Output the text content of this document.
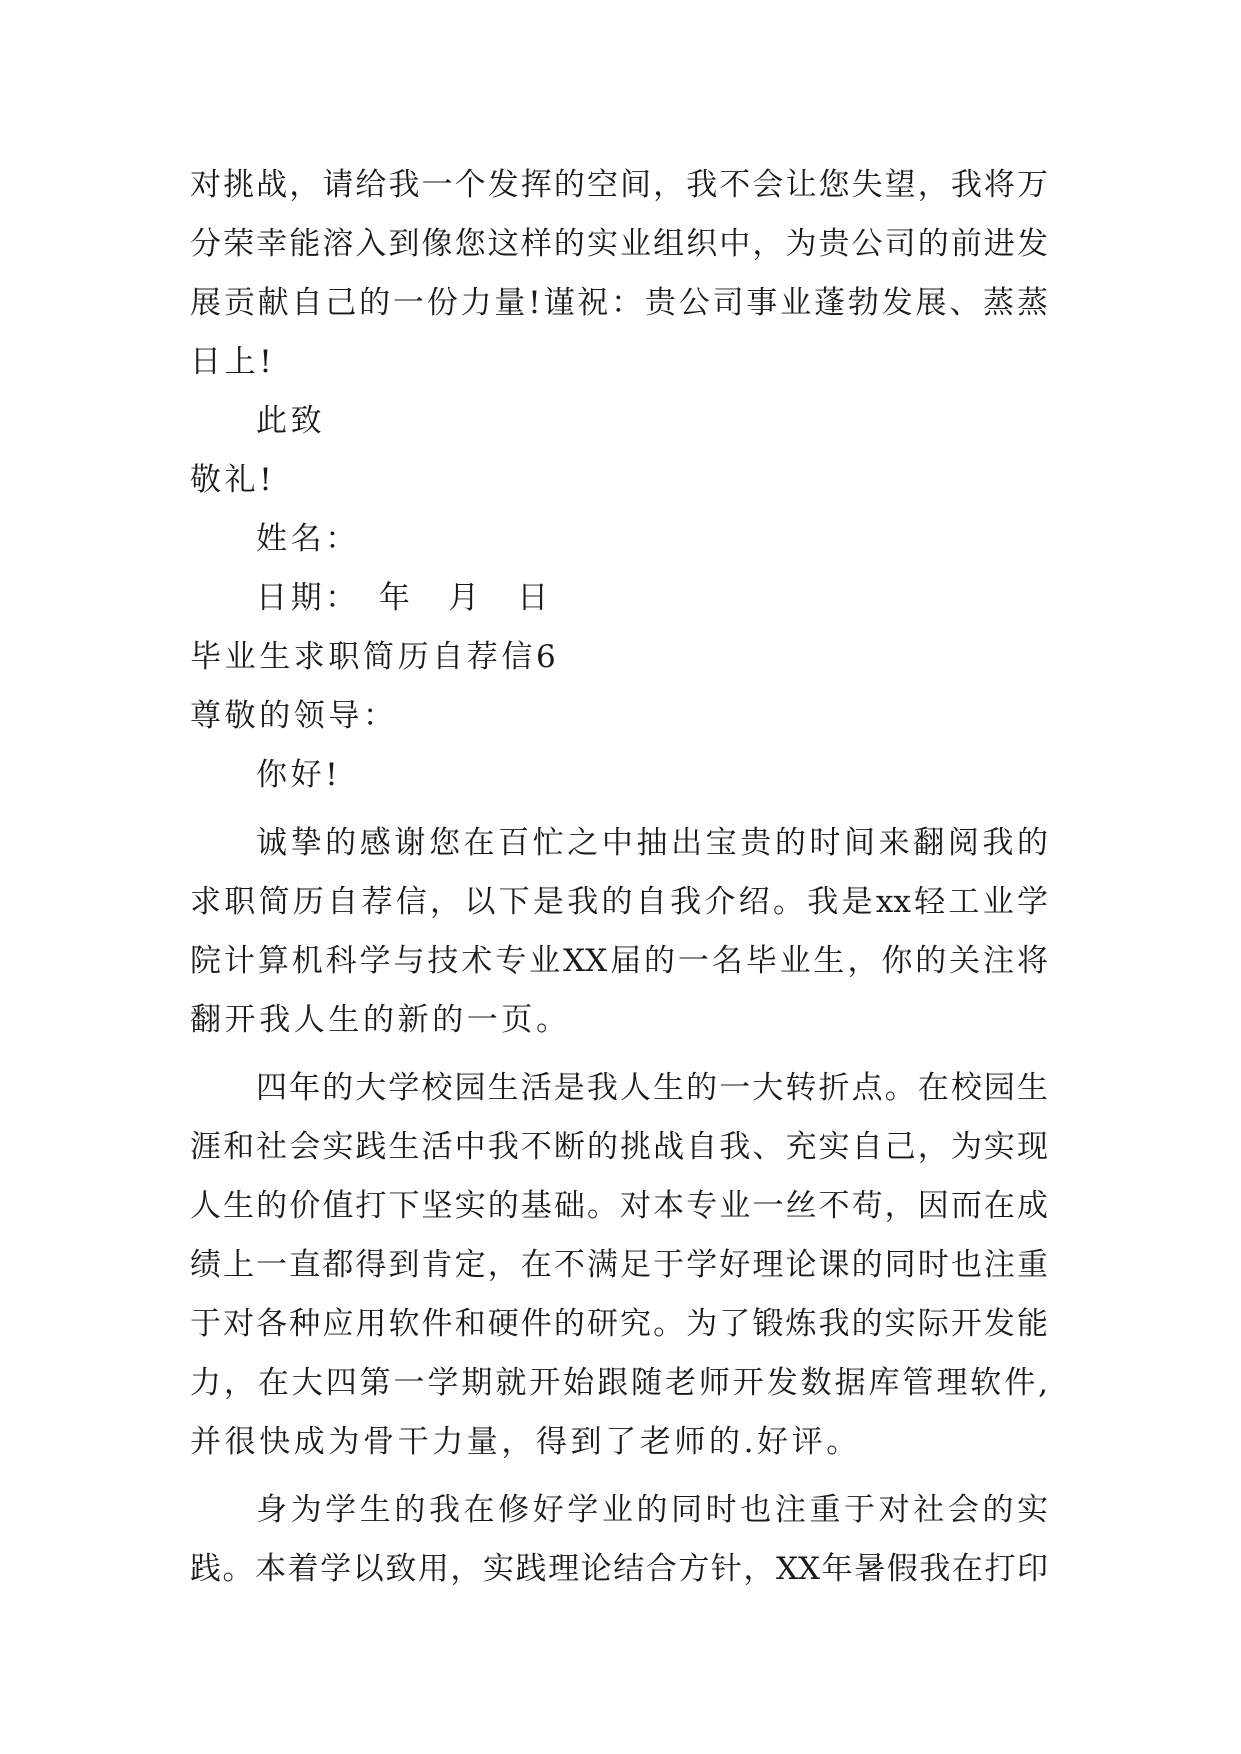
对挑战，请给我一个发挥的空间，我不会让您失望，我将万
分荣幸能溶入到像您这样的实业组织中，为贵公司的前进发
展贡献自己的一份力量!谨祝：贵公司事业蓬勃发展、蒸蒸
日上!
此致
敬礼!
姓名：
日期：　年　月　日
毕业生求职简历自荐信6
尊敬的领导：
你好!
诚挚的感谢您在百忙之中抽出宝贵的时间来翻阅我的
求职简历自荐信，以下是我的自我介绍。我是xx轻工业学
院计算机科学与技术专业XX届的一名毕业生，你的关注将
翻开我人生的新的一页。
四年的大学校园生活是我人生的一大转折点。在校园生
涯和社会实践生活中我不断的挑战自我、充实自己，为实现
人生的价值打下坚实的基础。对本专业一丝不苟，因而在成
绩上一直都得到肯定，在不满足于学好理论课的同时也注重
于对各种应用软件和硬件的研究。为了锻炼我的实际开发能
力，在大四第一学期就开始跟随老师开发数据库管理软件,
并很快成为骨干力量，得到了老师的.好评。
身为学生的我在修好学业的同时也注重于对社会的实
践。本着学以致用，实践理论结合方针，XX年暑假我在打印
